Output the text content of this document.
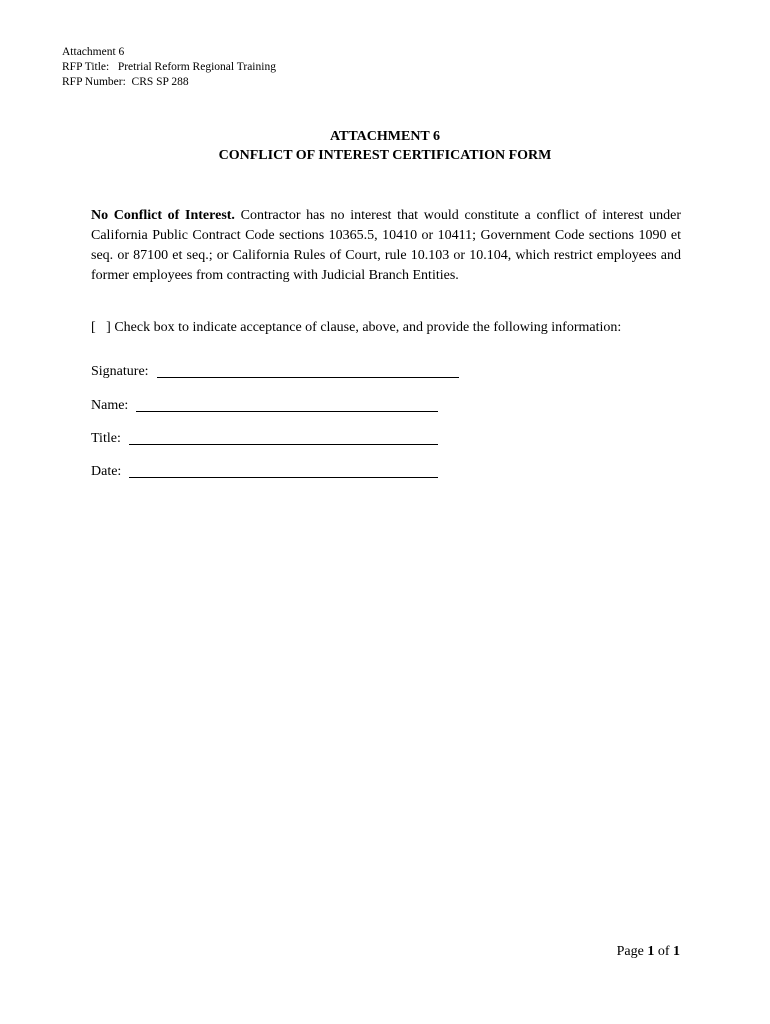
Attachment 6
RFP Title:   Pretrial Reform Regional Training
RFP Number:  CRS SP 288
ATTACHMENT 6
CONFLICT OF INTEREST CERTIFICATION FORM
No Conflict of Interest. Contractor has no interest that would constitute a conflict of interest under California Public Contract Code sections 10365.5, 10410 or 10411; Government Code sections 1090 et seq. or 87100 et seq.; or California Rules of Court, rule 10.103 or 10.104, which restrict employees and former employees from contracting with Judicial Branch Entities.
[   ] Check box to indicate acceptance of clause, above, and provide the following information:
Signature:
Name:
Title:
Date:
Page 1 of 1
